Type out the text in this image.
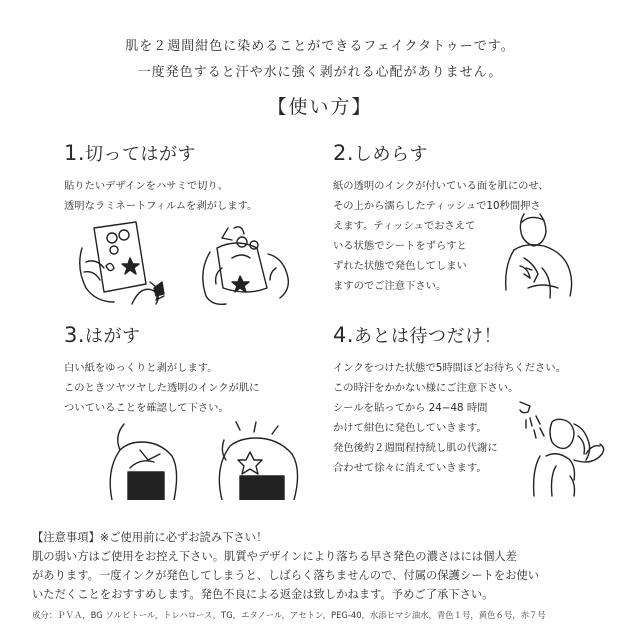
肌を２週間紺色に染めることができるフェイクタトゥーです。
一度発色すると汗や水に強く剥がれる心配がありません。
【使い方】
1.切ってはがす
貼りたいデザインをハサミで切り、
透明なラミネートフィルムを剥がします。
2.しめらす
紙の透明のインクが付いている面を肌にのせ、
その上から濡らしたティッシュで10秒間押さ
えます。ティッシュでおさえて
いる状態でシートをずらすと
ずれた状態で発色してしまい
ますのでご注意下さい。
3.はがす
白い紙をゆっくりと剥がします。
このときツヤツヤした透明のインクが肌に
ついていることを確認して下さい。
4.あとは待つだけ！
インクをつけた状態で5時間ほどお待ちください。
この時汗をかかない様にご注意下さい。
シールを貼ってから 24−48 時間
かけて紺色に発色していきます。
発色後約２週間程持続し肌の代謝に
合わせて徐々に消えていきます。
【注意事項】※ご使用前に必ずお読み下さい！
肌の弱い方はご使用をお控え下さい。肌質やデザインにより落ちる早さ発色の濃さはには個人差
があります。一度インクが発色してしまうと、しばらく落ちませんので、付属の保護シートをお使い
いただくことをおすすめします。発色不良による返金は致しかねます。予めご了承下さい。
成分：ＰＶＡ，BG ソルビトール，トレハロース，TG，エタノール，アセトン，PEG-40，水添ヒマシ油水，青色１号，黄色６号，赤７号
